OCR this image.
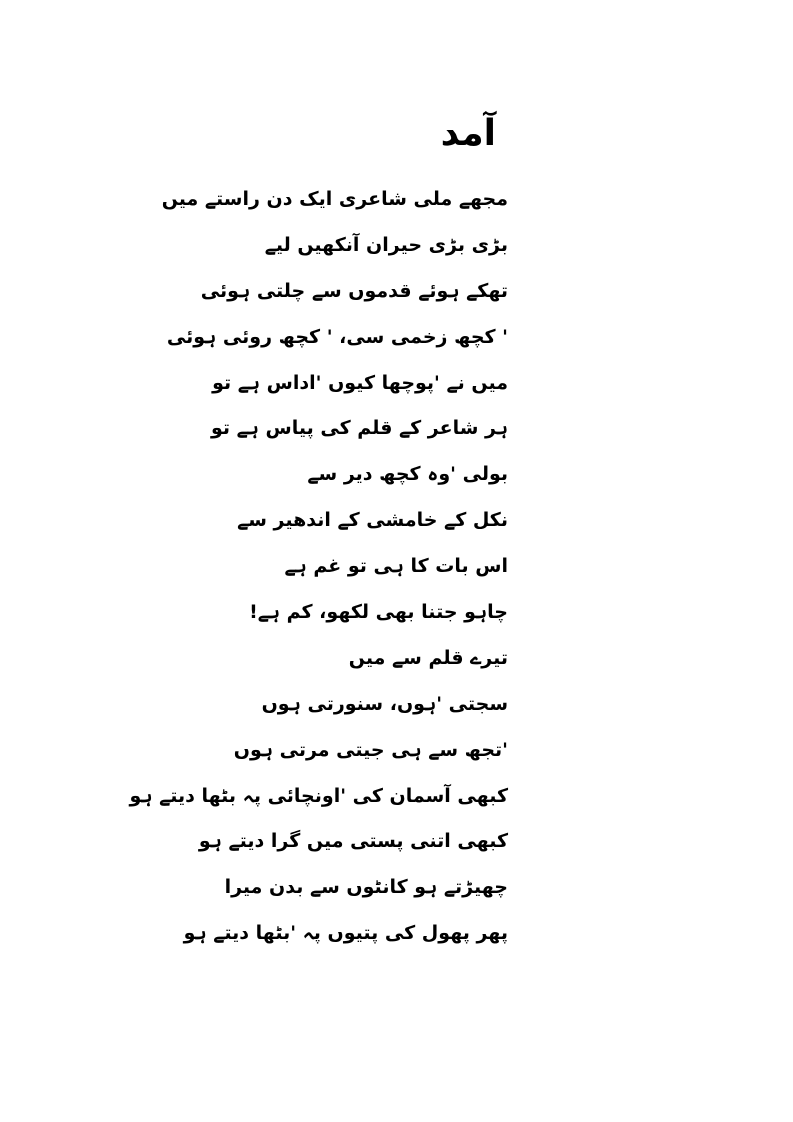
آمد
مجھے ملی شاعری ایک دن راستے میں
بڑی بڑی حیران آنکھیں لیے
تھکے ہوئے قدموں سے چلتی ہوئی
' کچھ زخمی سی، ' کچھ روئی ہوئی
میں نے 'پوچھا کیوں 'اداس ہے تو
ہر شاعر کے قلم کی پیاس ہے تو
بولی 'وہ کچھ دیر سے
نکل کے خامشی کے اندھیر سے
اس بات کا ہی تو غم ہے
چاہو جتنا بھی لکھو، کم ہے!
تیرے قلم سے میں
سجتی 'ہوں، سنورتی ہوں
'تجھ سے ہی جیتی مرتی ہوں
کبھی آسمان کی 'اونچائی پہ بٹھا دیتے ہو
کبھی اتنی پستی میں گرا دیتے ہو
چھیڑتے ہو کانٹوں سے بدن میرا
پھر پھول کی پتیوں پہ 'بٹھا دیتے ہو
